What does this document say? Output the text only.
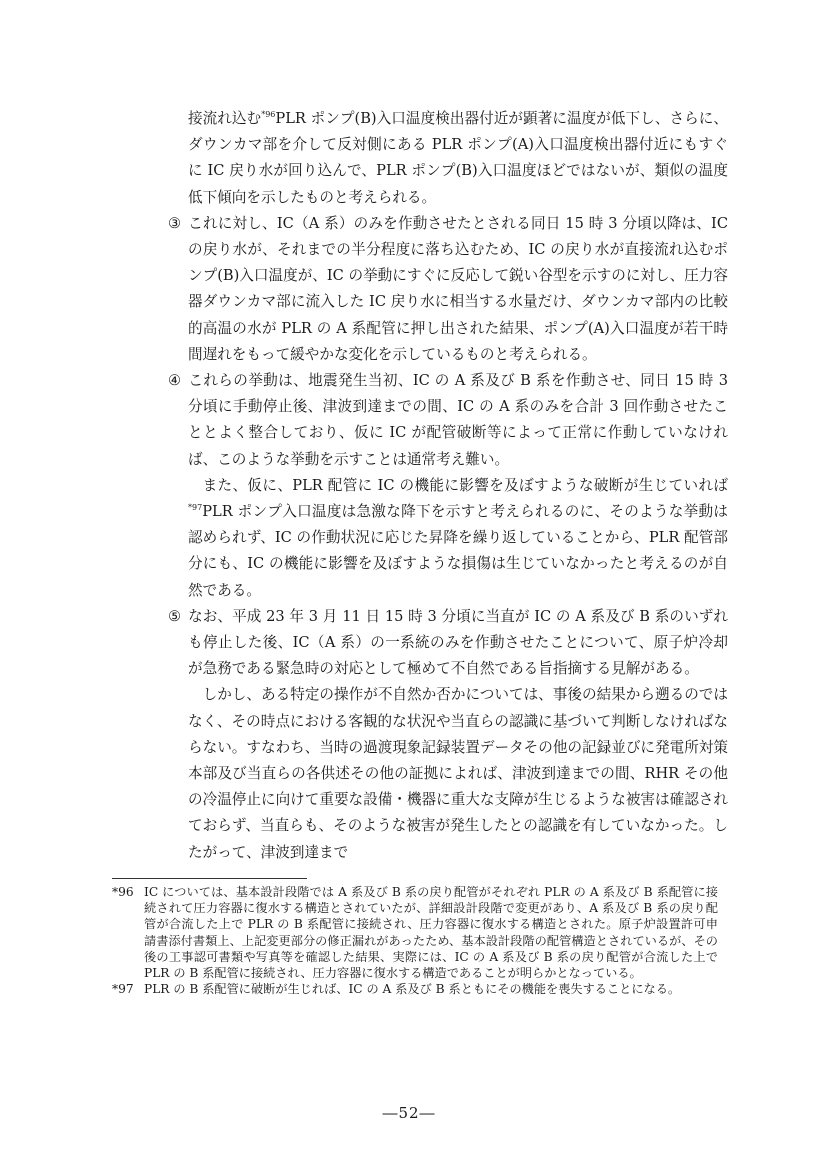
接流れ込む$^{*96}$PLR ポンプ(B)入口温度検出器付近が顕著に温度が低下し、さらに、ダウンカマ部を介して反対側にある PLR ポンプ(A)入口温度検出器付近にもすぐに IC 戻り水が回り込んで、PLR ポンプ(B)入口温度ほどではないが、類似の温度低下傾向を示したものと考えられる。

③ これに対し、IC（A 系）のみを作動させたとされる同日 15 時 3 分頃以降は、IC の戻り水が、それまでの半分程度に落ち込むため、IC の戻り水が直接流れ込むポンプ(B)入口温度が、IC の挙動にすぐに反応して鋭い谷型を示すのに対し、圧力容器ダウンカマ部に流入した IC 戻り水に相当する水量だけ、ダウンカマ部内の比較的高温の水が PLR の A 系配管に押し出された結果、ポンプ(A)入口温度が若干時間遅れをもって緩やかな変化を示しているものと考えられる。

④ これらの挙動は、地震発生当初、IC の A 系及び B 系を作動させ、同日 15 時 3 分頃に手動停止後、津波到達までの間、IC の A 系のみを合計 3 回作動させたこととよく整合しており、仮に IC が配管破断等によって正常に作動していなければ、このような挙動を示すことは通常考え難い。

また、仮に、PLR 配管に IC の機能に影響を及ぼすような破断が生じていれば$^{*97}$PLR ポンプ入口温度は急激な降下を示すと考えられるのに、そのような挙動は認められず、IC の作動状況に応じた昇降を繰り返していることから、PLR 配管部分にも、IC の機能に影響を及ぼすような損傷は生じていなかったと考えるのが自然である。

⑤ なお、平成 23 年 3 月 11 日 15 時 3 分頃に当直が IC の A 系及び B 系のいずれも停止した後、IC（A 系）の一系統のみを作動させたことについて、原子炉冷却が急務である緊急時の対応として極めて不自然である旨指摘する見解がある。

しかし、ある特定の操作が不自然か否かについては、事後の結果から遡るのではなく、その時点における客観的な状況や当直らの認識に基づいて判断しなければならない。すなわち、当時の過渡現象記録装置データその他の記録並びに発電所対策本部及び当直らの各供述その他の証拠によれば、津波到達までの間、RHR その他の冷温停止に向けて重要な設備・機器に重大な支障が生じるような被害は確認されておらず、当直らも、そのような被害が発生したとの認識を有していなかった。したがって、津波到達まで

*96 IC については、基本設計段階では A 系及び B 系の戻り配管がそれぞれ PLR の A 系及び B 系配管に接続されて圧力容器に復水する構造とされていたが、詳細設計段階で変更があり、A 系及び B 系の戻り配管が合流した上で PLR の B 系配管に接続され、圧力容器に復水する構造とされた。原子炉設置許可申請書添付書類上、上記変更部分の修正漏れがあったため、基本設計段階の配管構造とされているが、その後の工事認可書類や写真等を確認した結果、実際には、IC の A 系及び B 系の戻り配管が合流した上で PLR の B 系配管に接続され、圧力容器に復水する構造であることが明らかとなっている。

*97 PLR の B 系配管に破断が生じれば、IC の A 系及び B 系ともにその機能を喪失することになる。

―52―
